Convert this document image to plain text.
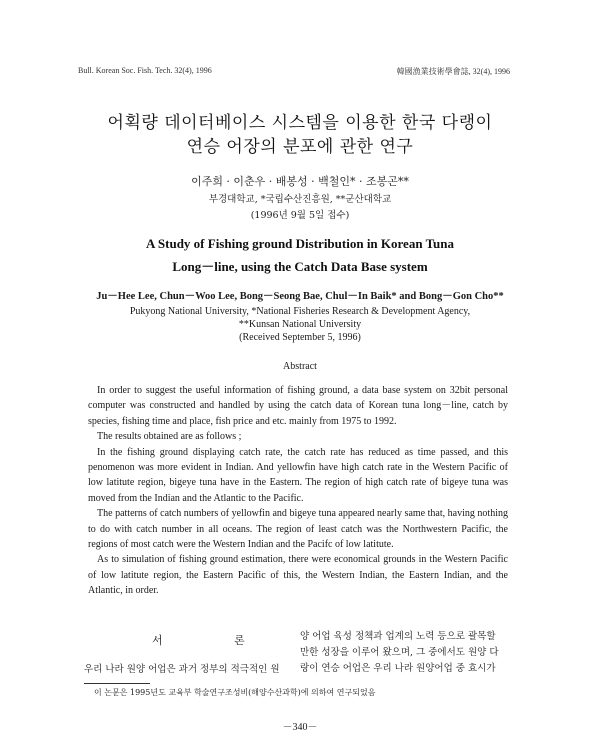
Bull. Korean Soc. Fish. Tech. 32(4), 1996	韓國漁業技術學會誌, 32(4), 1996
어획량 데이터베이스 시스템을 이용한 한국 다랭이
연승 어장의 분포에 관한 연구
이주희 · 이춘우 · 배봉성 · 백철인* · 조봉곤**
부경대학교, *국립수산진흥원, **군산대학교
(1996년 9월 5일 접수)
A Study of Fishing ground Distribution in Korean Tuna
Long－line, using the Catch Data Base system
Ju－Hee Lee, Chun－Woo Lee, Bong－Seong Bae, Chul－In Baik* and Bong－Gon Cho**
Pukyong National University, *National Fisheries Research & Development Agency,
**Kunsan National University
(Received September 5, 1996)
Abstract

In order to suggest the useful information of fishing ground, a data base system on 32bit personal computer was constructed and handled by using the catch data of Korean tuna long－line, catch by species, fishing time and place, fish price and etc. mainly from 1975 to 1992.

The results obtained are as follows ;

In the fishing ground displaying catch rate, the catch rate has reduced as time passed, and this penomenon was more evident in Indian. And yellowfin have high catch rate in the Western Pacific of low latitute region, bigeye tuna have in the Eastern. The region of high catch rate of bigeye tuna was moved from the Indian and the Atlantic to the Pacific.

The patterns of catch numbers of yellowfin and bigeye tuna appeared nearly same that, having nothing to do with catch number in all oceans. The region of least catch was the Northwestern Pacific, the regions of most catch were the Western Indian and the Pacifc of low latitute.

As to simulation of fishing ground estimation, there were economical grounds in the Western Pacific of low latitute region, the Eastern Pacific of this, the Western Indian, the Eastern Indian, and the Atlantic, in order.

서 론
우리 나라 원양 어업은 과거 정부의 적극적인 원
양 어업 육성 정책과 업계의 노력 등으로 괄목할
만한 성장을 이루어 왔으며, 그 중에서도 원양 다
랑이 연승 어업은 우리 나라 원양어업 중 효시가
이 논문은 1995년도 교육부 학술연구조성비(해양수산과학)에 의하여 연구되었음
－340－
